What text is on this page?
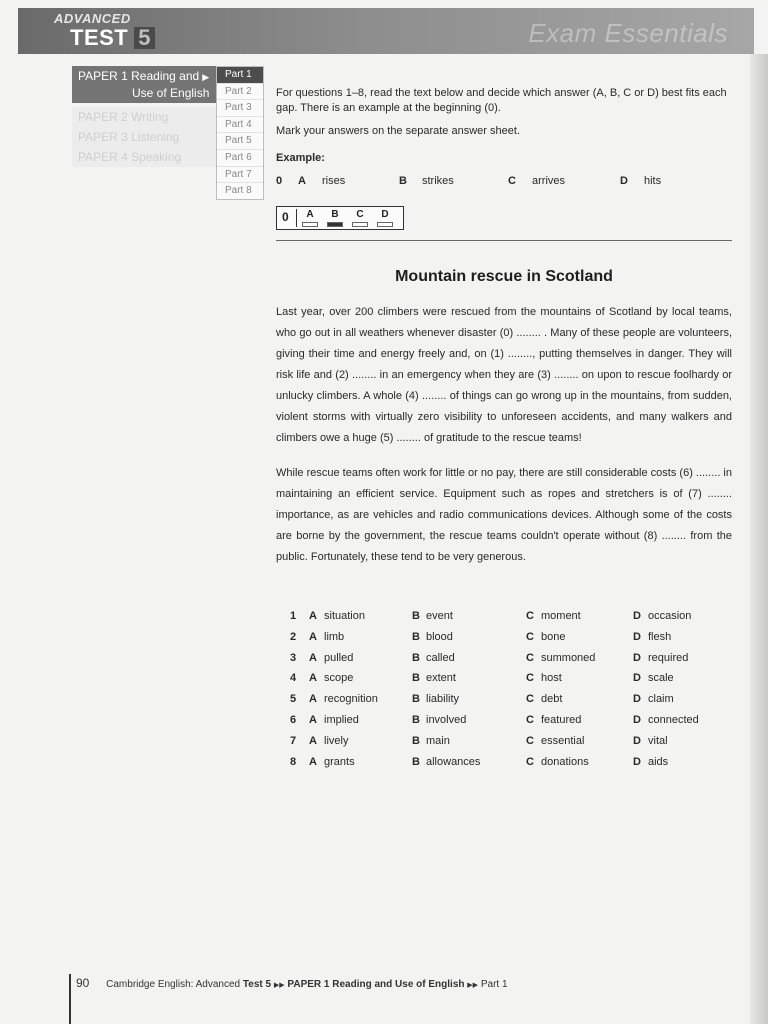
ADVANCED
TEST 5	Exam Essentials
PAPER 1 Reading and ▶
Use of English
PAPER 2 Writing
PAPER 3 Listening
PAPER 4 Speaking
Part 1
Part 2
Part 3
Part 4
Part 5
Part 6
Part 7
Part 8

For questions 1–8, read the text below and decide which answer (A, B, C or D) best fits each gap. There is an example at the beginning (0).

Mark your answers on the separate answer sheet.

Example:

0 A rises	B strikes	C arrives	D hits
0	A	B	C	D
Mountain rescue in Scotland

Last year, over 200 climbers were rescued from the mountains of Scotland by local teams, who go out in all weathers whenever disaster (0) ........ . Many of these people are volunteers, giving their time and energy freely and, on (1) ........, putting themselves in danger. They will risk life and (2) ........ in an emergency when they are (3) ........ on upon to rescue foolhardy or unlucky climbers. A whole (4) ........ of things can go wrong up in the mountains, from sudden, violent storms with virtually zero visibility to unforeseen accidents, and many walkers and climbers owe a huge (5) ........ of gratitude to the rescue teams!

While rescue teams often work for little or no pay, there are still considerable costs (6) ........ in maintaining an efficient service. Equipment such as ropes and stretchers is of (7) ........ importance, as are vehicles and radio communications devices. Although some of the costs are borne by the government, the rescue teams couldn't operate without (8) ........ from the public. Fortunately, these tend to be very generous.

1 A situation	B event	C moment	D occasion
2 A limb	B blood	C bone	D flesh
3 A pulled	B called	C summoned	D required
4 A scope	B extent	C host	D scale
5 A recognition	B liability	C debt	D claim
6 A implied	B involved	C featured	D connected
7 A lively	B main	C essential	D vital
8 A grants	B allowances	C donations	D aids
90 Cambridge English: Advanced Test 5 ▶▶ PAPER 1 Reading and Use of English ▶▶ Part 1
